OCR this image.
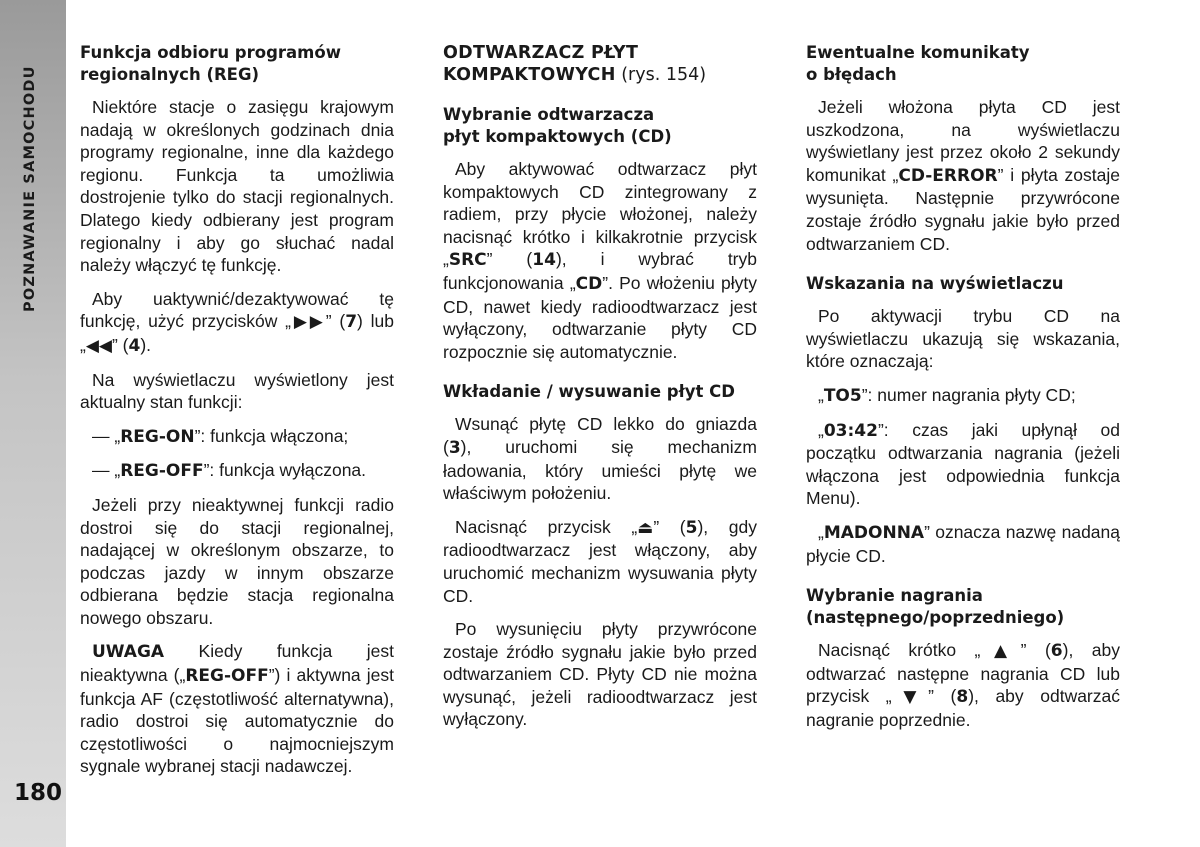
POZNAWANIE SAMOCHODU
180
Funkcja odbioru programów
regionalnych (REG)

Niektóre stacje o zasięgu krajowym nadają w określonych godzinach dnia programy regionalne, inne dla każdego regionu. Funkcja ta umożliwia dostrojenie tylko do stacji regionalnych. Dlatego kiedy odbierany jest program regionalny i aby go słuchać nadal należy włączyć tę funkcję.

Aby uaktywnić/dezaktywować tę funkcję, użyć przycisków „▶▶” (7) lub „◀◀” (4).

Na wyświetlaczu wyświetlony jest aktualny stan funkcji:

— „REG-ON”: funkcja włączona;

— „REG-OFF”: funkcja wyłączona.

Jeżeli przy nieaktywnej funkcji radio dostroi się do stacji regionalnej, nadającej w określonym obszarze, to podczas jazdy w innym obszarze odbierana będzie stacja regionalna nowego obszaru.

UWAGA Kiedy funkcja jest nieaktywna („REG-OFF”) i aktywna jest funkcja AF (częstotliwość alternatywna), radio dostroi się automatycznie do częstotliwości o najmocniejszym sygnale wybranej stacji nadawczej.

ODTWARZACZ PŁYT
KOMPAKTOWYCH (rys. 154)
Wybranie odtwarzacza
płyt kompaktowych (CD)

Aby aktywować odtwarzacz płyt kompaktowych CD zintegrowany z radiem, przy płycie włożonej, należy nacisnąć krótko i kilkakrotnie przycisk „SRC” (14), i wybrać tryb funkcjonowania „CD”. Po włożeniu płyty CD, nawet kiedy radioodtwarzacz jest wyłączony, odtwarzanie płyty CD rozpocznie się automatycznie.

Wkładanie / wysuwanie płyt CD

Wsunąć płytę CD lekko do gniazda (3), uruchomi się mechanizm ładowania, który umieści płytę we właściwym położeniu.

Nacisnąć przycisk „⏏” (5), gdy radioodtwarzacz jest włączony, aby uruchomić mechanizm wysuwania płyty CD.

Po wysunięciu płyty przywrócone zostaje źródło sygnału jakie było przed odtwarzaniem CD. Płyty CD nie można wysunąć, jeżeli radioodtwarzacz jest wyłączony.

Ewentualne komunikaty
o błędach

Jeżeli włożona płyta CD jest uszkodzona, na wyświetlaczu wyświetlany jest przez około 2 sekundy komunikat „CD-ERROR” i płyta zostaje wysunięta. Następnie przywrócone zostaje źródło sygnału jakie było przed odtwarzaniem CD.

Wskazania na wyświetlaczu

Po aktywacji trybu CD na wyświetlaczu ukazują się wskazania, które oznaczają:

„TO5”: numer nagrania płyty CD;

„03:42”: czas jaki upłynął od początku odtwarzania nagrania (jeżeli włączona jest odpowiednia funkcja Menu).

„MADONNA” oznacza nazwę nadaną płycie CD.

Wybranie nagrania
(następnego/poprzedniego)

Nacisnąć krótko „▲” (6), aby odtwarzać następne nagrania CD lub przycisk „▼” (8), aby odtwarzać nagranie poprzednie.
